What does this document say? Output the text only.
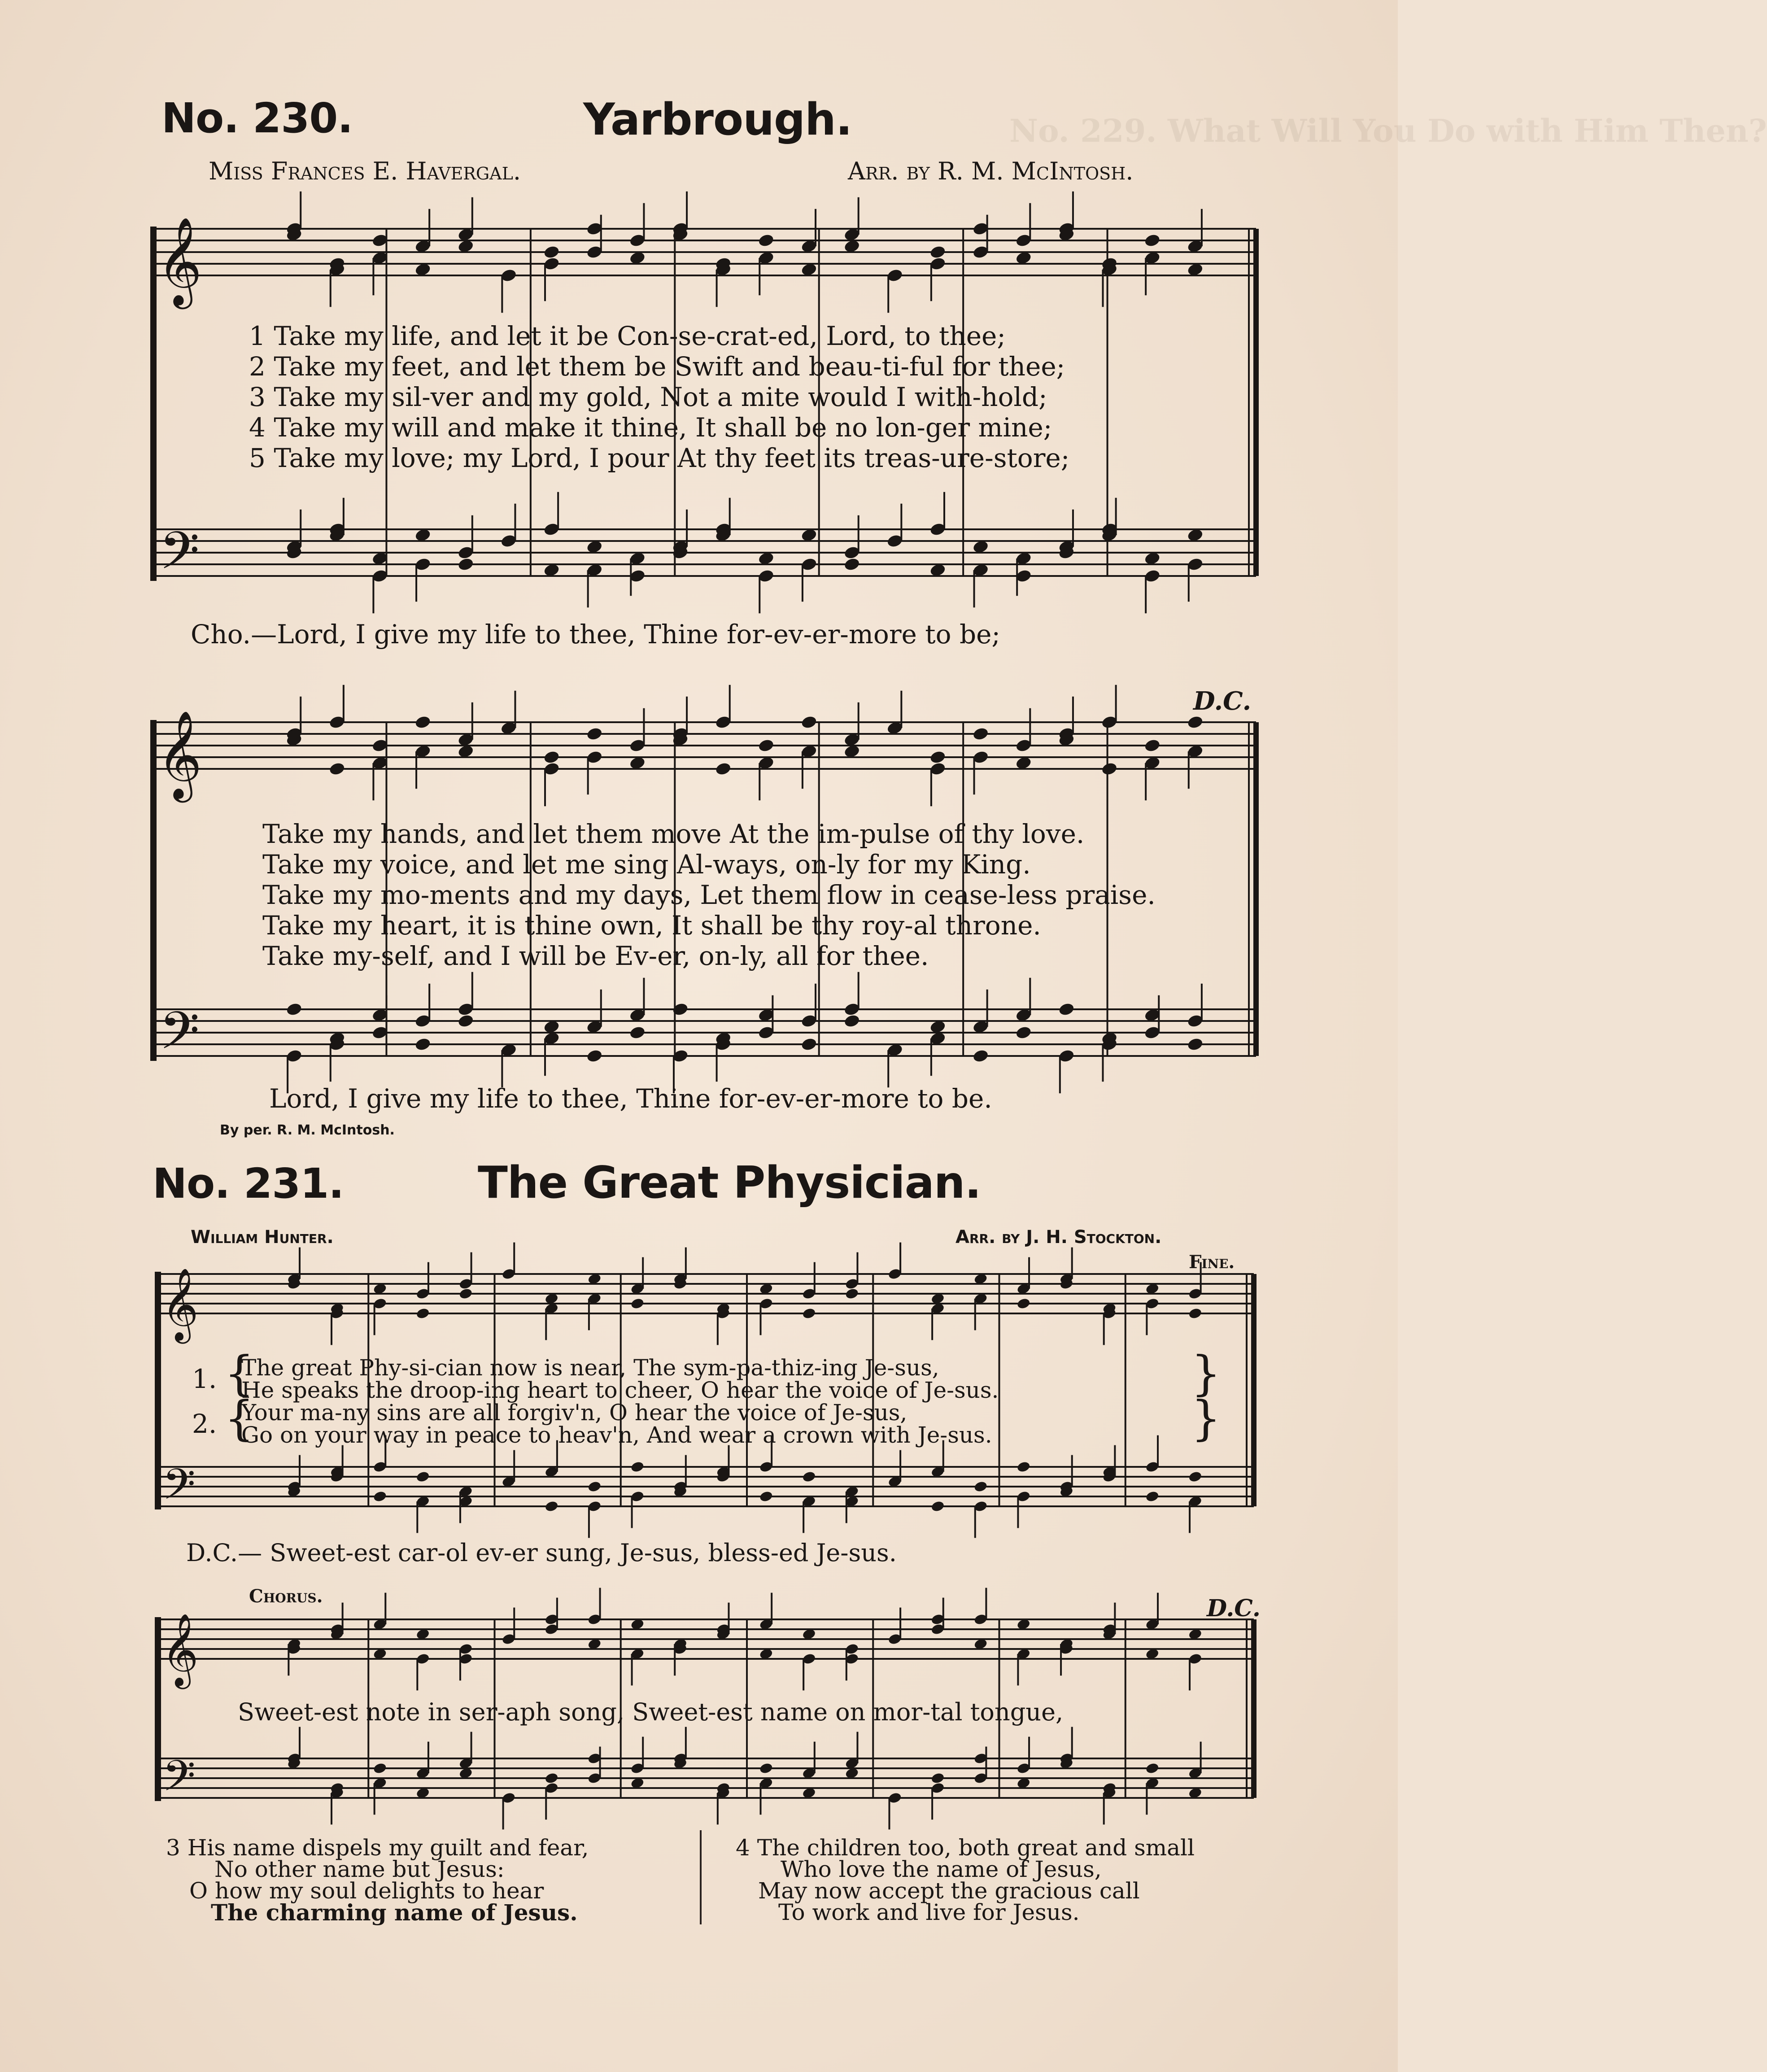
No. 229. What Will You Do with Him Then?
No. 230.	Yarbrough.
Miss Frances E. Havergal.	Arr. by R. M. McIntosh.
𝄞
𝄢
𝄞
𝄢
𝄞
𝄢
𝄞
𝄢
1 Take my life, and let it be Con-se-crat-ed, Lord, to thee;
2 Take my feet, and let them be Swift and beau-ti-ful for thee;
3 Take my sil-ver and my gold, Not a mite would I with-hold;
4 Take my will and make it thine, It shall be no lon-ger mine;
5 Take my love; my Lord, I pour At thy feet its treas-ure-store;
Cho.—Lord, I give my life to thee, Thine for-ev-er-more to be;
Take my hands, and let them move At the im-pulse of thy love.
Take my voice, and let me sing Al-ways, on-ly for my King.
Take my mo-ments and my days, Let them flow in cease-less praise.
Take my heart, it is thine own, It shall be thy roy-al throne.
Take my-self, and I will be Ev-er, on-ly, all for thee.
Lord, I give my life to thee, Thine for-ev-er-more to be.
D.C.
By per. R. M. McIntosh.
No. 231.	The Great Physician.
William Hunter.	Arr. by J. H. Stockton.
Fine.
1.
2.
{
{
The great Phy-si-cian now is near, The sym-pa-thiz-ing Je-sus,
He speaks the droop-ing heart to cheer, O hear the voice of Je-sus.
Your ma-ny sins are all forgiv'n, O hear the voice of Je-sus,
Go on your way in peace to heav'n, And wear a crown with Je-sus.
}
}
D.C.— Sweet-est car-ol ev-er sung, Je-sus, bless-ed Je-sus.
Chorus.	D.C.
Sweet-est note in ser-aph song, Sweet-est name on mor-tal tongue,
3 His name dispels my guilt and fear,
No other name but Jesus:
O how my soul delights to hear
The charming name of Jesus.
4 The children too, both great and small
Who love the name of Jesus,
May now accept the gracious call
To work and live for Jesus.
